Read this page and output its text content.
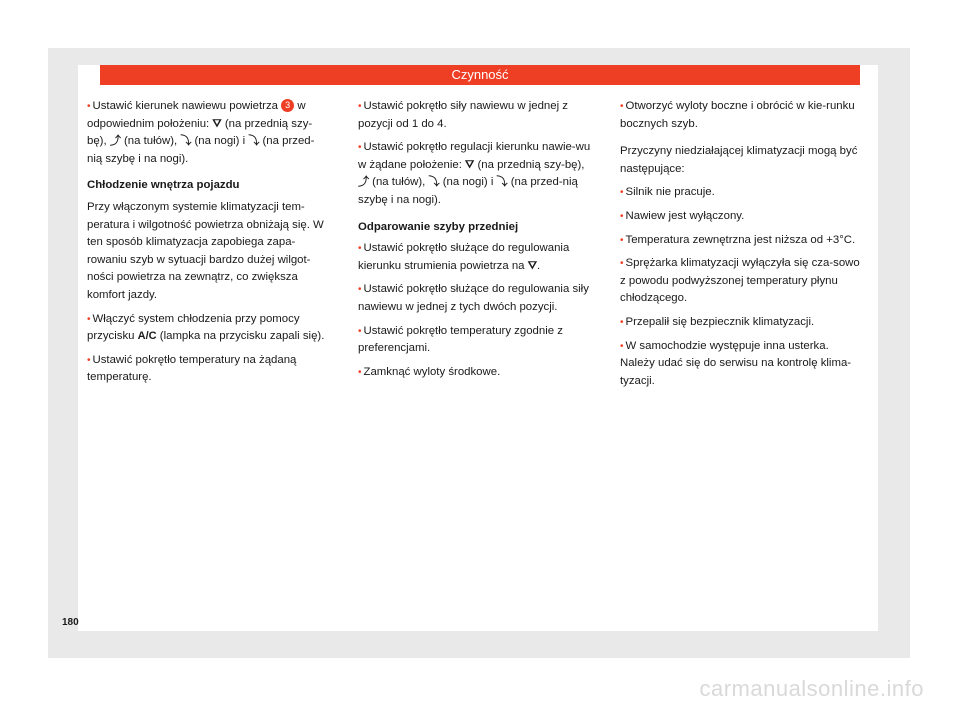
Czynność

• Ustawić kierunek nawiewu powietrza 3 w odpowiednim położeniu: ⛛ (na przednią szy-bę), ⤴ (na tułów), ⤵ (na nogi) i ⤵ (na przed-nią szybę i na nogi).

Chłodzenie wnętrza pojazdu

Przy włączonym systemie klimatyzacji tem-peratura i wilgotność powietrza obniżają się. W ten sposób klimatyzacja zapobiega zapa-rowaniu szyb w sytuacji bardzo dużej wilgot-ności powietrza na zewnątrz, co zwiększa komfort jazdy.

• Włączyć system chłodzenia przy pomocy przycisku A/C (lampka na przycisku zapali się).

• Ustawić pokrętło temperatury na żądaną temperaturę.

• Ustawić pokrętło siły nawiewu w jednej z pozycji od 1 do 4.

• Ustawić pokrętło regulacji kierunku nawie-wu w żądane położenie: ⛛ (na przednią szy-bę), ⤴ (na tułów), ⤵ (na nogi) i ⤵ (na przed-nią szybę i na nogi).

Odparowanie szyby przedniej

• Ustawić pokrętło służące do regulowania kierunku strumienia powietrza na ⛛.

• Ustawić pokrętło służące do regulowania siły nawiewu w jednej z tych dwóch pozycji.

• Ustawić pokrętło temperatury zgodnie z preferencjami.

• Zamknąć wyloty środkowe.

• Otworzyć wyloty boczne i obrócić w kie-runku bocznych szyb.

Przyczyny niedziałającej klimatyzacji mogą być następujące:

• Silnik nie pracuje.

• Nawiew jest wyłączony.

• Temperatura zewnętrzna jest niższa od +3°C.

• Sprężarka klimatyzacji wyłączyła się cza-sowo z powodu podwyższonej temperatury płynu chłodzącego.

• Przepalił się bezpiecznik klimatyzacji.

• W samochodzie występuje inna usterka. Należy udać się do serwisu na kontrolę klima-tyzacji.

180
carmanualsonline.info
